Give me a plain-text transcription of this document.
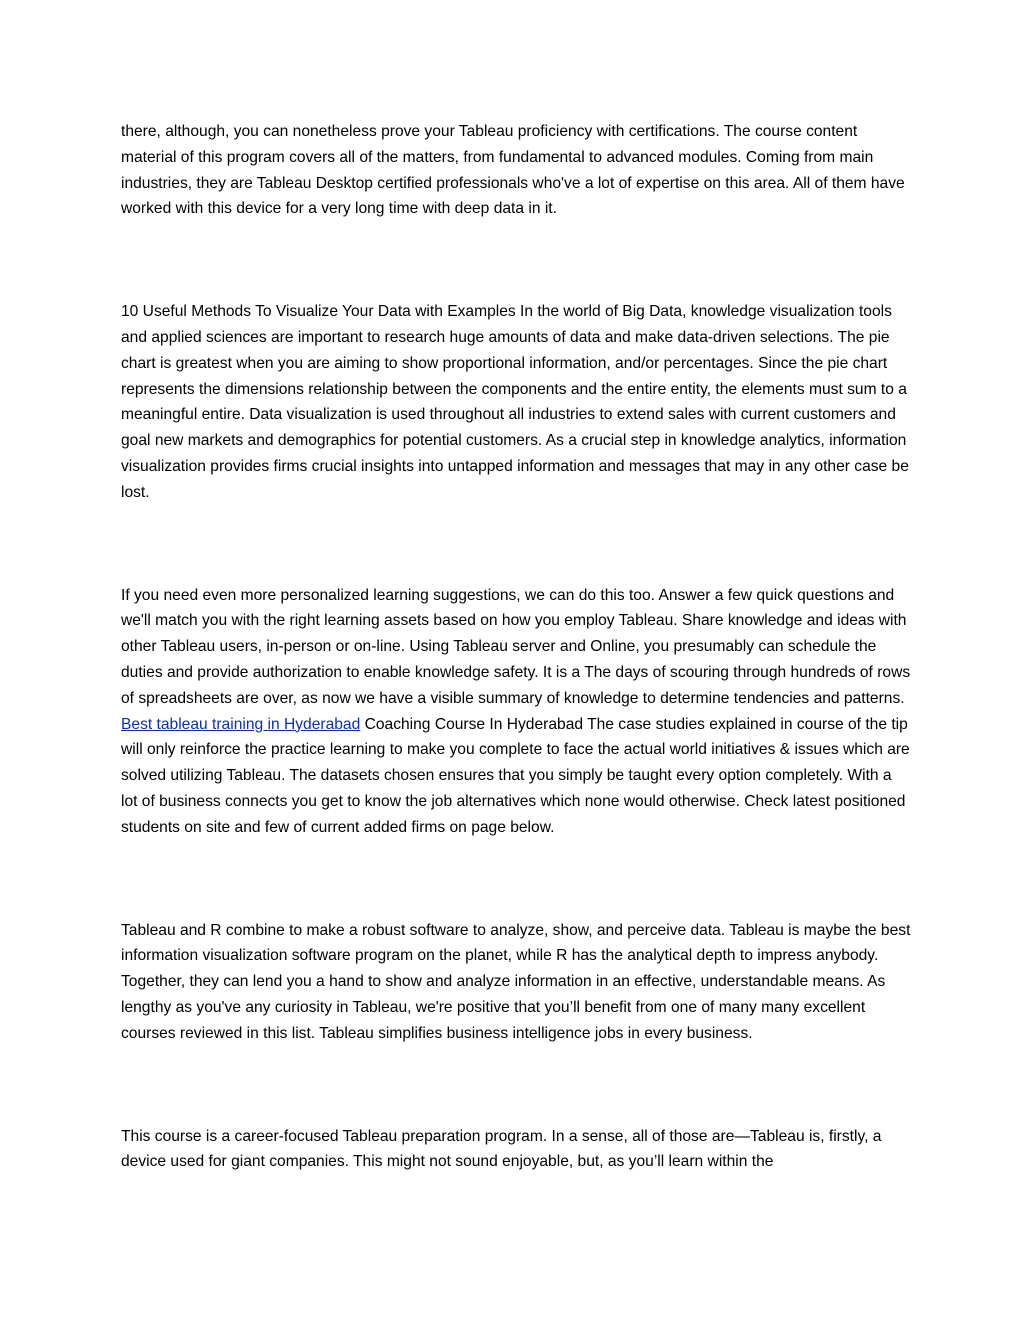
there, although, you can nonetheless prove your Tableau proficiency with certifications. The course content material of this program covers all of the matters, from fundamental to advanced modules. Coming from main industries, they are Tableau Desktop certified professionals who've a lot of expertise on this area. All of them have worked with this device for a very long time with deep data in it.

10 Useful Methods To Visualize Your Data with Examples In the world of Big Data, knowledge visualization tools and applied sciences are important to research huge amounts of data and make data-driven selections. The pie chart is greatest when you are aiming to show proportional information, and/or percentages. Since the pie chart represents the dimensions relationship between the components and the entire entity, the elements must sum to a meaningful entire. Data visualization is used throughout all industries to extend sales with current customers and goal new markets and demographics for potential customers. As a crucial step in knowledge analytics, information visualization provides firms crucial insights into untapped information and messages that may in any other case be lost.

If you need even more personalized learning suggestions, we can do this too. Answer a few quick questions and we'll match you with the right learning assets based on how you employ Tableau. Share knowledge and ideas with other Tableau users, in-person or on-line. Using Tableau server and Online, you presumably can schedule the duties and provide authorization to enable knowledge safety. It is a The days of scouring through hundreds of rows of spreadsheets are over, as now we have a visible summary of knowledge to determine tendencies and patterns. Best tableau training in Hyderabad Coaching Course In Hyderabad The case studies explained in course of the tip will only reinforce the practice learning to make you complete to face the actual world initiatives & issues which are solved utilizing Tableau. The datasets chosen ensures that you simply be taught every option completely. With a lot of business connects you get to know the job alternatives which none would otherwise. Check latest positioned students on site and few of current added firms on page below.

Tableau and R combine to make a robust software to analyze, show, and perceive data. Tableau is maybe the best information visualization software program on the planet, while R has the analytical depth to impress anybody. Together, they can lend you a hand to show and analyze information in an effective, understandable means. As lengthy as you've any curiosity in Tableau, we're positive that you’ll benefit from one of many many excellent courses reviewed in this list. Tableau simplifies business intelligence jobs in every business.

This course is a career-focused Tableau preparation program. In a sense, all of those are—Tableau is, firstly, a device used for giant companies. This might not sound enjoyable, but, as you’ll learn within the
